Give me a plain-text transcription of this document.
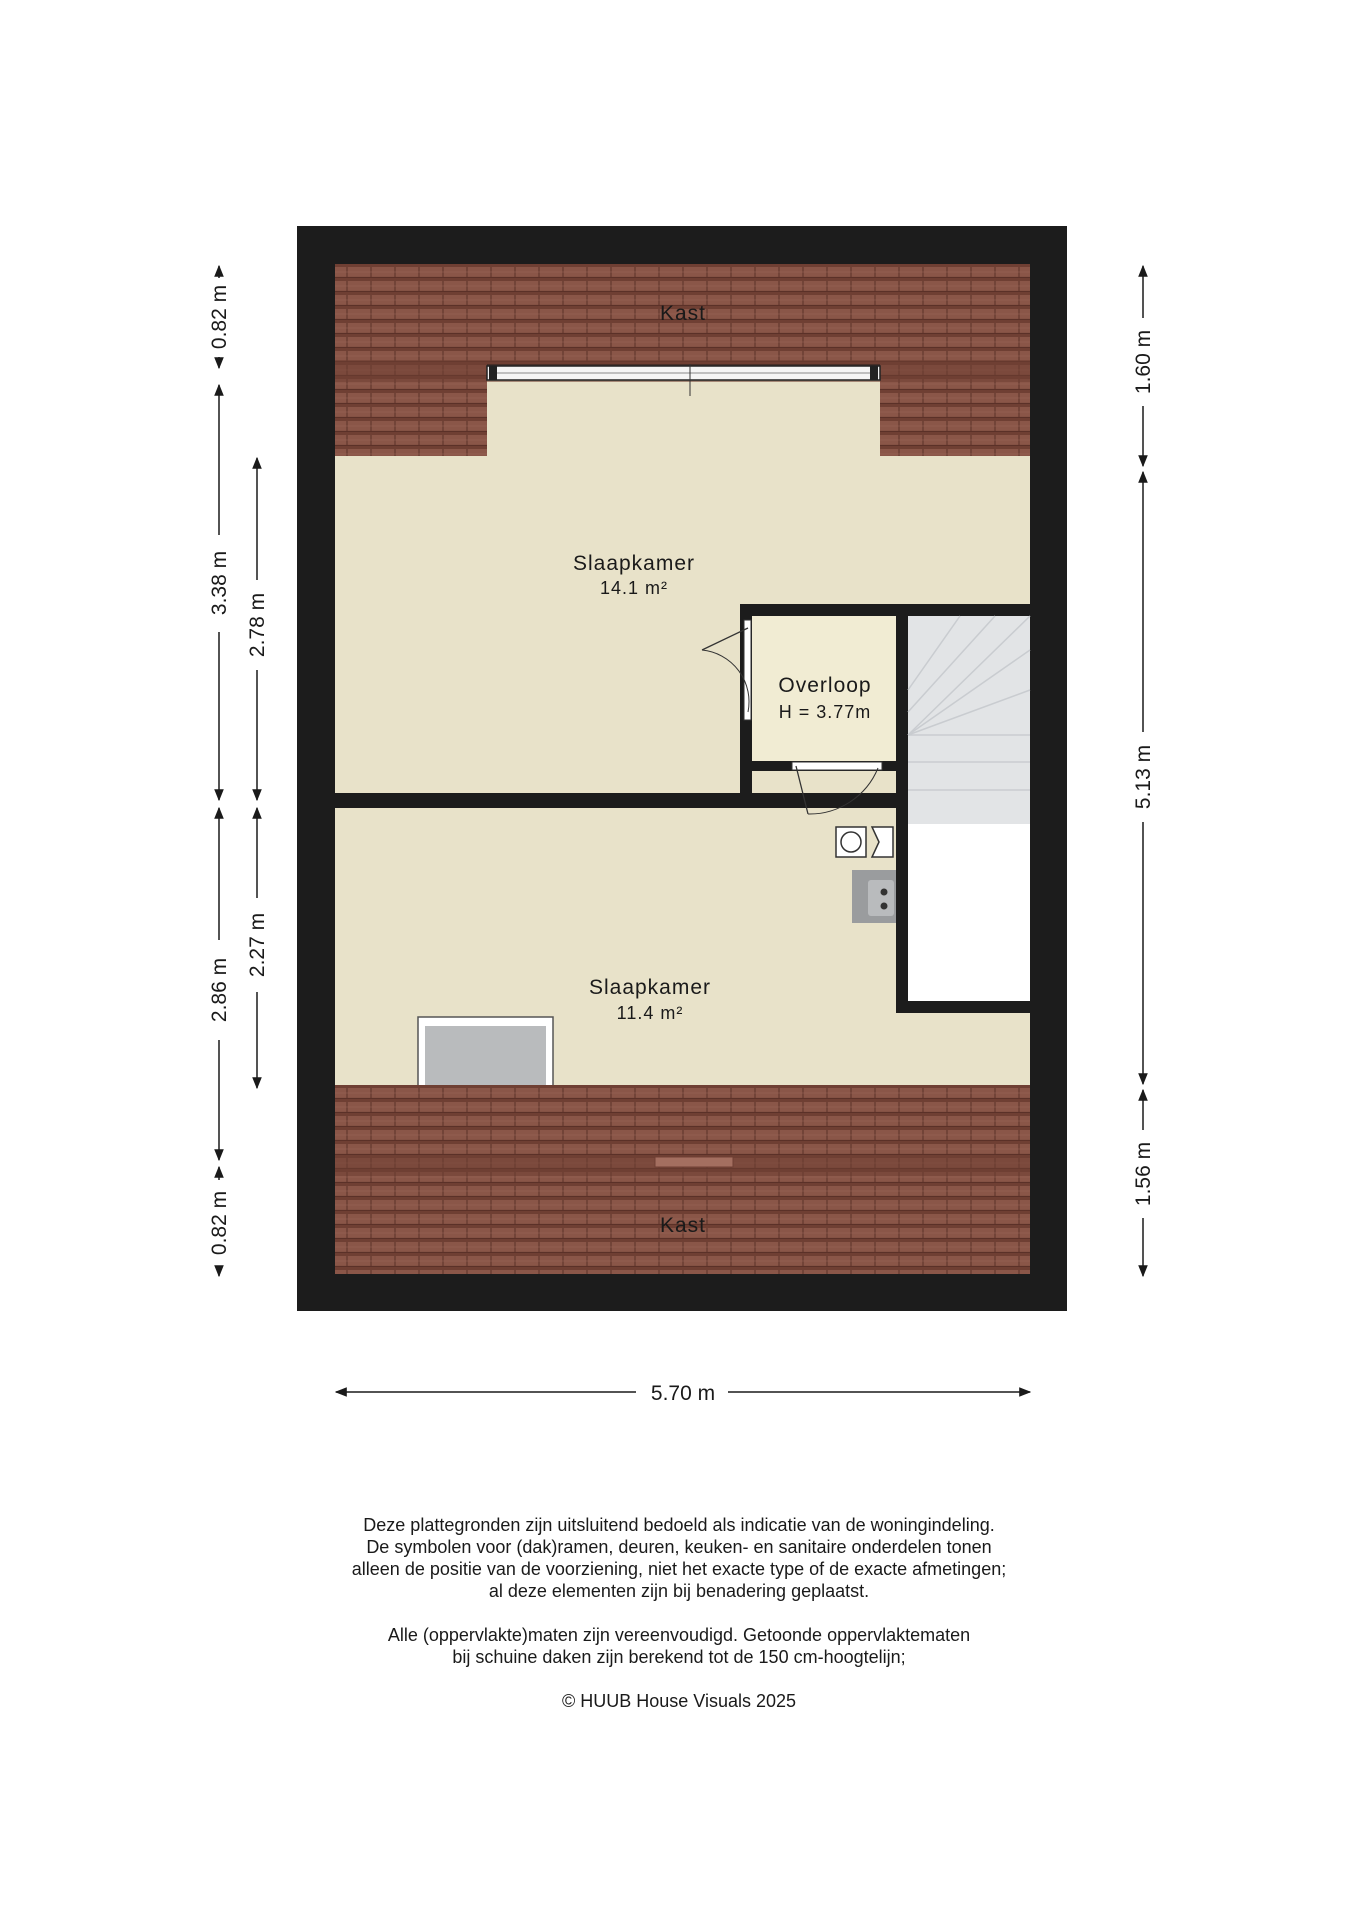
Kast
Slaapkamer
14.1 m²
Overloop
H = 3.77m
Slaapkamer
11.4 m²
Kast
0.82 m
3.38 m
2.86 m
0.82 m
2.78 m
2.27 m
1.60 m
5.13 m
1.56 m
5.70 m

Deze plattegronden zijn uitsluitend bedoeld als indicatie van de woningindeling.

De symbolen voor (dak)ramen, deuren, keuken- en sanitaire onderdelen tonen

alleen de positie van de voorziening, niet het exacte type of de exacte afmetingen;

al deze elementen zijn bij benadering geplaatst.

Alle (oppervlakte)maten zijn vereenvoudigd. Getoonde oppervlaktematen

bij schuine daken zijn berekend tot de 150 cm-hoogtelijn;

© HUUB House Visuals 2025
